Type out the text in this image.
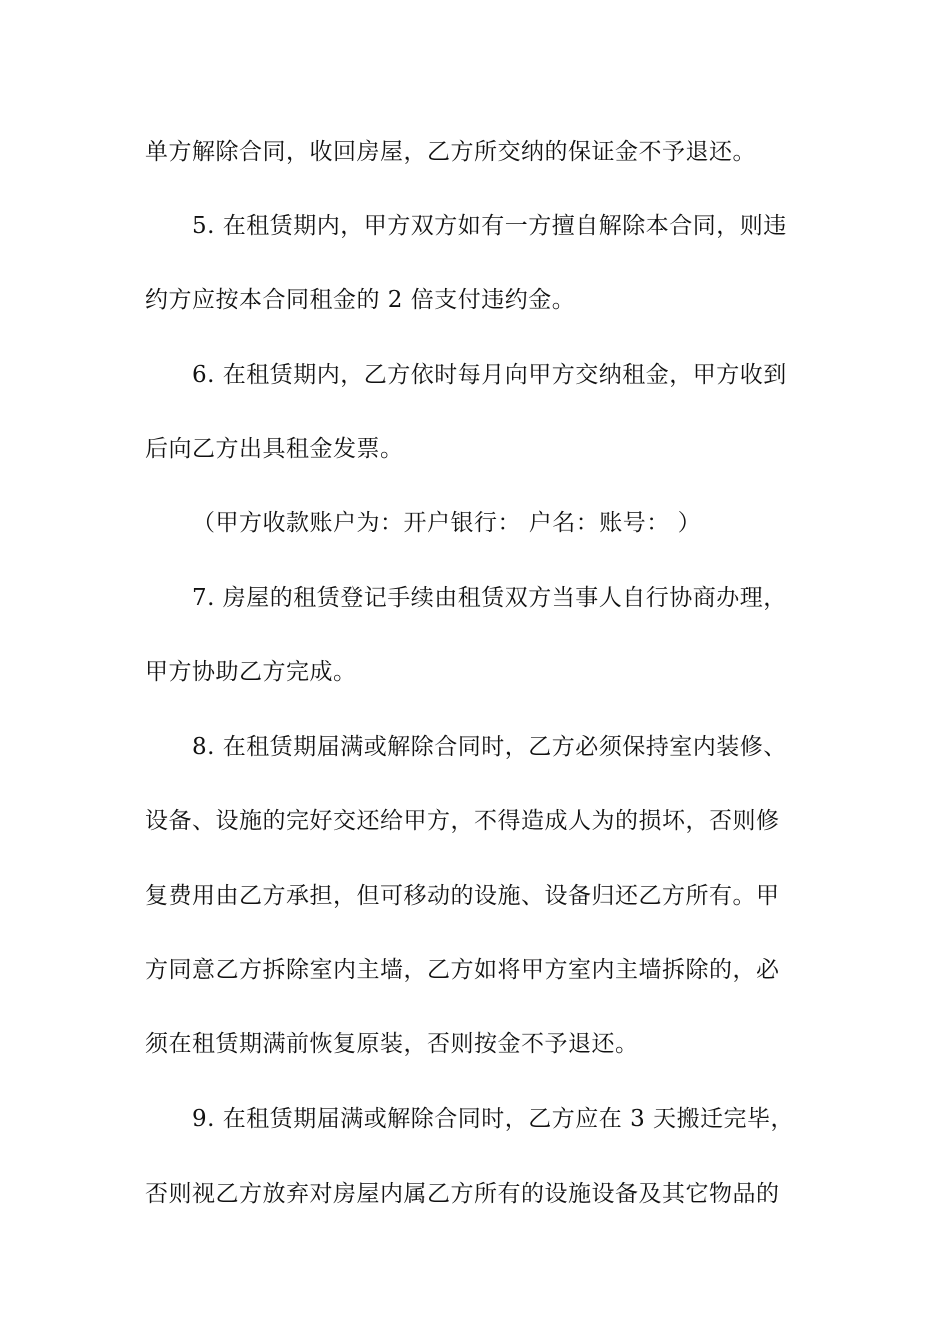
单方解除合同，收回房屋，乙方所交纳的保证金不予退还。
5. 在租赁期内，甲方双方如有一方擅自解除本合同，则违
约方应按本合同租金的 2 倍支付违约金。
6. 在租赁期内，乙方依时每月向甲方交纳租金，甲方收到
后向乙方出具租金发票。
（甲方收款账户为：开户银行： 户名：账号： ）
7. 房屋的租赁登记手续由租赁双方当事人自行协商办理，
甲方协助乙方完成。
8. 在租赁期届满或解除合同时，乙方必须保持室内装修、
设备、设施的完好交还给甲方，不得造成人为的损坏，否则修
复费用由乙方承担，但可移动的设施、设备归还乙方所有。甲
方同意乙方拆除室内主墙，乙方如将甲方室内主墙拆除的，必
须在租赁期满前恢复原装，否则按金不予退还。
9. 在租赁期届满或解除合同时，乙方应在 3 天搬迁完毕，
否则视乙方放弃对房屋内属乙方所有的设施设备及其它物品的
